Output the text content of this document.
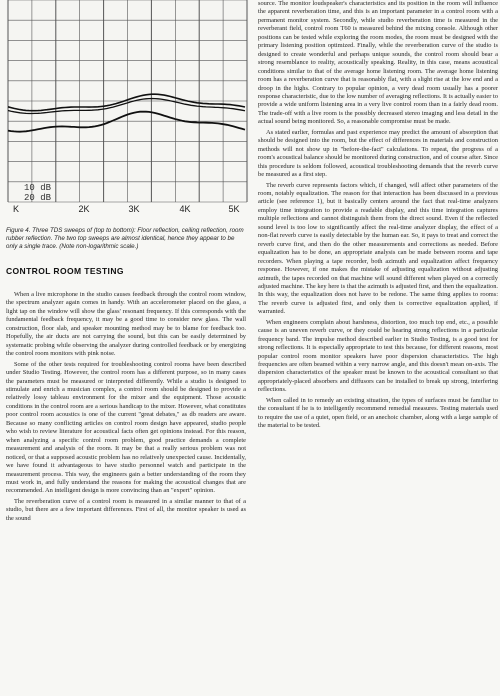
10 dB
20 dB
K	2K	3K	4K	5K

Figure 4. Three TDS sweeps of (top to bottom): Floor reflection, ceiling reflection, room rubber reflection. The two top sweeps are almost identical, hence they appear to be only a single trace. (Note non-logarithmic scale.)

CONTROL ROOM TESTING

When a live microphone in the studio causes feedback through the control room window, the spectrum analyzer again comes in handy. With an accelerometer placed on the glass, a light tap on the window will show the glass' resonant frequency. If this corresponds with the fundamental feedback frequency, it may be a good time to consider new glass. The wall construction, floor slab, and speaker mounting method may be to blame for feedback too. Hopefully, the air ducts are not carrying the sound, but this can be easily determined by systematic probing while observing the analyzer during controlled feedback or by energizing the control room monitors with pink noise.

Some of the other tests required for troubleshooting control rooms have been described under Studio Testing. However, the control room has a different purpose, so in many cases the parameters must be measured or interpreted differently. While a studio is designed to stimulate and enrich a musician complex, a control room should be designed to provide a relatively lossy tableau environment for the mixer and the equipment. Those acoustic conditions in the control room are a serious handicap to the mixer. However, what constitutes poor control room acoustics is one of the current "great debates," as db readers are aware. Because so many conflicting articles on control room design have appeared, studio people who wish to review literature for acoustical facts often get opinions instead. For this reason, when analyzing a specific control room problem, good practice demands a complete measurement and analysis of the room. It may be that a really serious problem was not noticed, or that a supposed acoustic problem has no relatively unexpected cause. Incidentally, we have found it advantageous to have studio personnel watch and participate in the measurement process. This way, the engineers gain a better understanding of the room they must work in, and fully understand the reasons for making the acoustical changes that are recommended. An intelligent design is more convincing than an "expert" opinion.

The reverberation curve of a control room is measured in a similar manner to that of a studio, but there are a few important differences. First of all, the monitor speaker is used as the sound

source. The monitor loudspeaker's characteristics and its position in the room will influence the apparent reverberation time, and this is an important parameter in a control room with a permanent monitor system. Secondly, while studio reverberation time is measured in the reverberant field, control room T60 is measured behind the mixing console. Although other positions can be tested while exploring the room modes, the room must be designed with the primary listening position optimized. Finally, while the reverberation curve of the studio is designed to create wonderful and perhaps unique sounds, the control room should bear a strong resemblance to reality, acoustically speaking. Reality, in this case, means acoustical conditions similar to that of the average home listening room. The average home listening room has a reverberation curve that is reasonably flat, with a slight rise at the low end and a droop in the highs. Contrary to popular opinion, a very dead room usually has a poorer response characteristic, due to the low number of averaging reflections. It is actually easier to provide a wide uniform listening area in a very live control room than in a fairly dead room. The trade-off with a live room is the possibly decreased stereo imaging and less detail in the actual sound being monitored. So, a reasonable compromise must be made.

As stated earlier, formulas and past experience may predict the amount of absorption that should be designed into the room, but the effect of differences in materials and construction methods will not show up in "before-the-fact" calculations. To repeat, the progress of a room's acoustical balance should be monitored during construction, and of course after. Since this procedure is seldom followed, acoustical troubleshooting demands that the reverb curve be measured as a first step.

The reverb curve represents factors which, if changed, will affect other parameters of the room, notably equalization. The reason for that interaction has been discussed in a previous article (see reference 1), but it basically centers around the fact that real-time analyzers employ time integration to provide a readable display, and this time integration captures multiple reflections and cannot distinguish them from the direct sound. Even if the reflected sound level is too low to significantly affect the real-time analyzer display, the effect of a non-flat reverb curve is easily detectable by the human ear. So, it pays to treat and correct the reverb curve first, and then do the other measurements and corrections as needed. Before equalization has to be done, an appropriate analysis can be made between rooms and tape recorders. When playing a tape recorder, both azimuth and equalization affect frequency response. However, if one makes the mistake of adjusting equalization without adjusting azimuth, the tapes recorded on that machine will sound different when played on a correctly adjusted machine. The key here is that the azimuth is adjusted first, and then the equalization. In this way, the equalization does not have to be redone. The same thing applies to rooms: The reverb curve is adjusted first, and only then is corrective equalization applied, if warranted.

When engineers complain about harshness, distortion, too much top end, etc., a possible cause is an uneven reverb curve, or they could be hearing strong reflections in a particular frequency band. The impulse method described earlier in Studio Testing, is a good test for strong reflections. It is especially appropriate to test this because, for different reasons, most popular control room monitor speakers have poor dispersion characteristics. The high frequencies are often beamed within a very narrow angle, and this doesn't mean on-axis. The dispersion characteristics of the speaker must be known to the acoustical consultant so that appropriately-placed absorbers and diffusors can be installed to break up strong, interfering reflections.

When called in to remedy an existing situation, the types of surfaces must be familiar to the consultant if he is to intelligently recommend remedial measures. Testing materials used to require the use of a quiet, open field, or an anechoic chamber, along with a large sample of the material to be tested.
